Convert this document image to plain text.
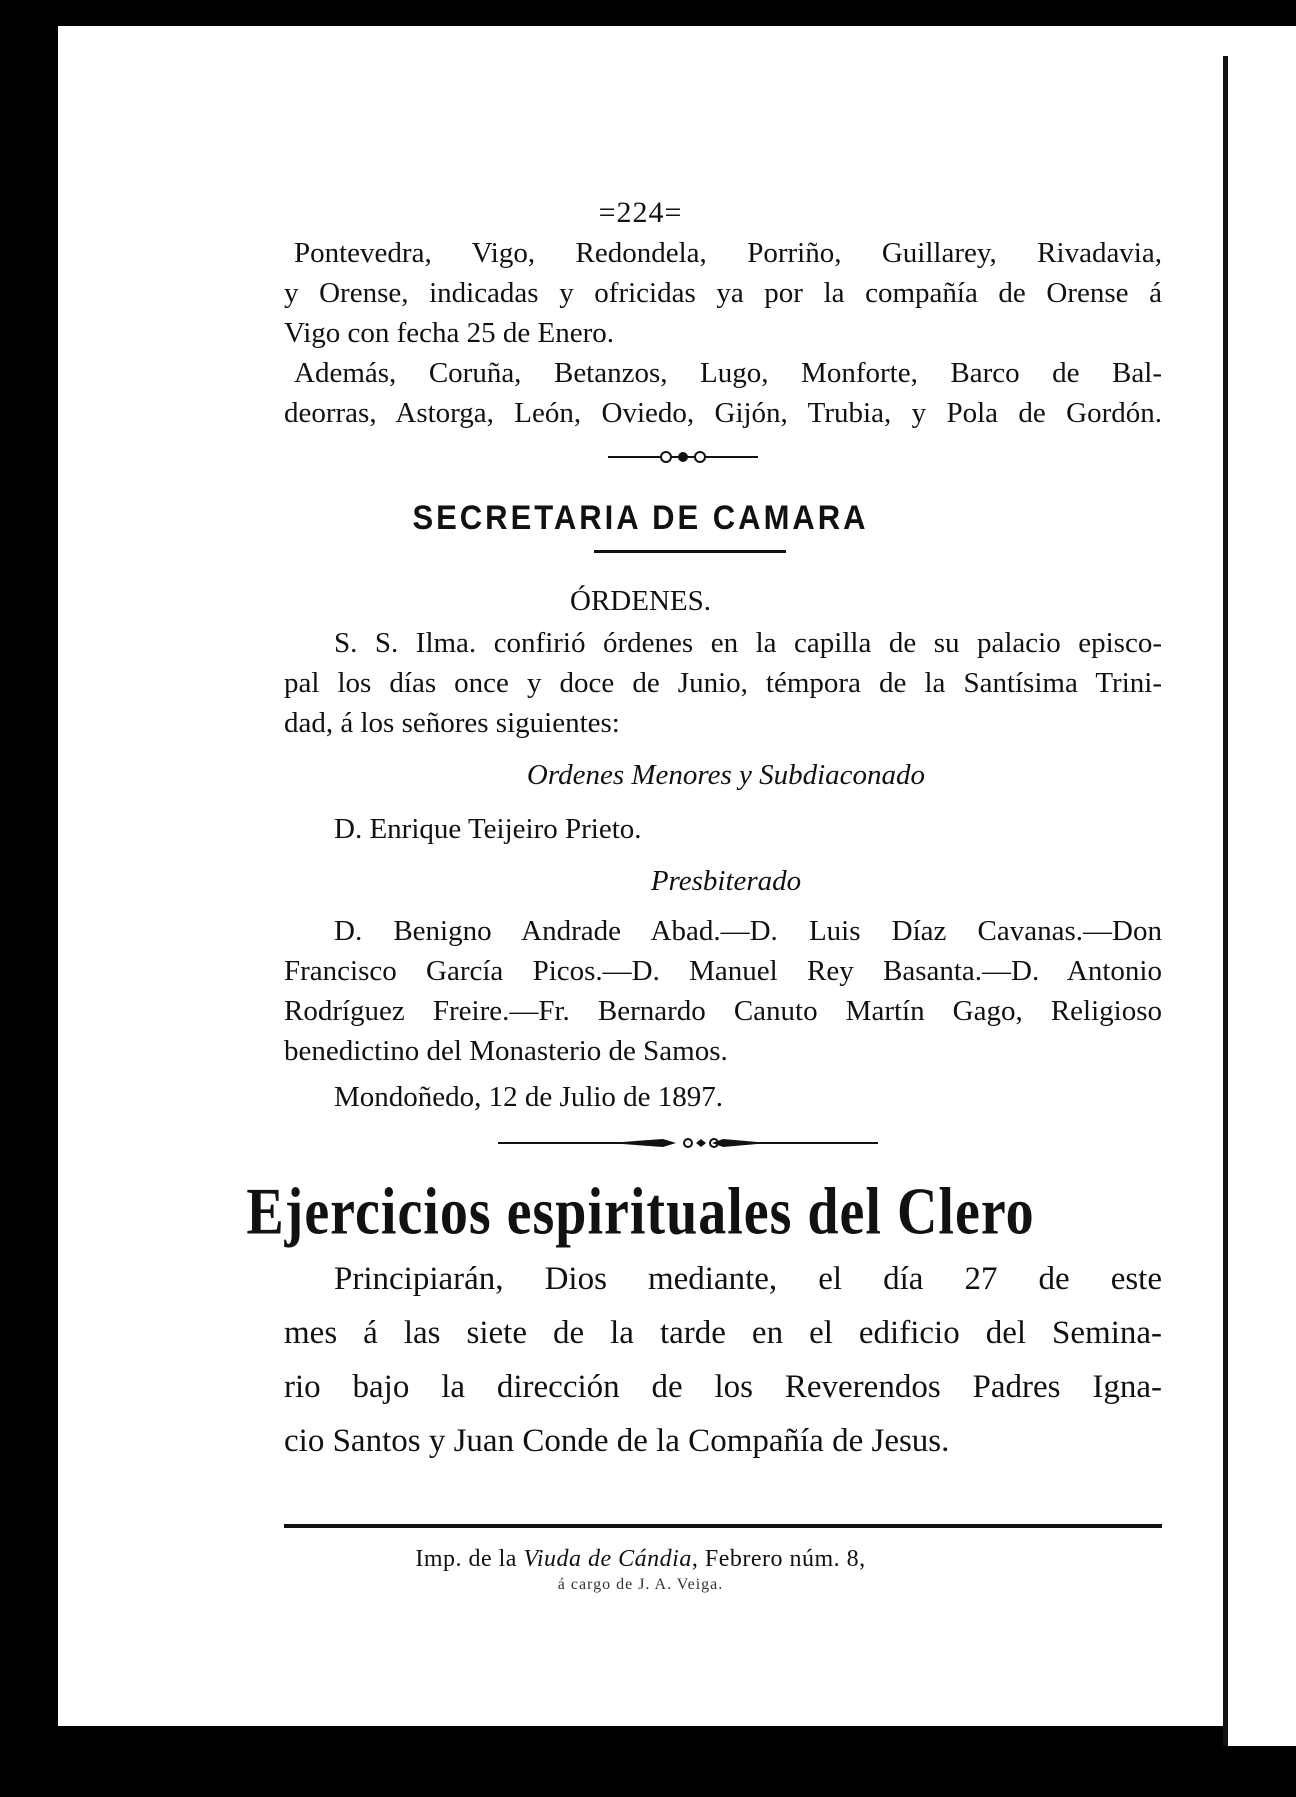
=224=
Pontevedra, Vigo, Redondela, Porriño, Guillarey, Rivadavia,
y Orense, indicadas y ofricidas ya por la compañía de Orense á
Vigo con fecha 25 de Enero.
Además, Coruña, Betanzos, Lugo, Monforte, Barco de Bal-
deorras, Astorga, León, Oviedo, Gijón, Trubia, y Pola de Gordón.
SECRETARIA DE CAMARA
ÓRDENES.
S. S. Ilma. confirió órdenes en la capilla de su palacio episco-
pal los días once y doce de Junio, témpora de la Santísima Trini-
dad, á los señores siguientes:
Ordenes Menores y Subdiaconado
D. Enrique Teijeiro Prieto.
Presbiterado
D. Benigno Andrade Abad.—D. Luis Díaz Cavanas.—Don
Francisco García Picos.—D. Manuel Rey Basanta.—D. Antonio
Rodríguez Freire.—Fr. Bernardo Canuto Martín Gago, Religioso
benedictino del Monasterio de Samos.
Mondoñedo, 12 de Julio de 1897.
Ejercicios espirituales del Clero
Principiarán, Dios mediante, el día 27 de este
mes á las siete de la tarde en el edificio del Semina-
rio bajo la dirección de los Reverendos Padres Igna-
cio Santos y Juan Conde de la Compañía de Jesus.
Imp. de la Viuda de Cándia, Febrero núm. 8,
á cargo de J. A. Veiga.
